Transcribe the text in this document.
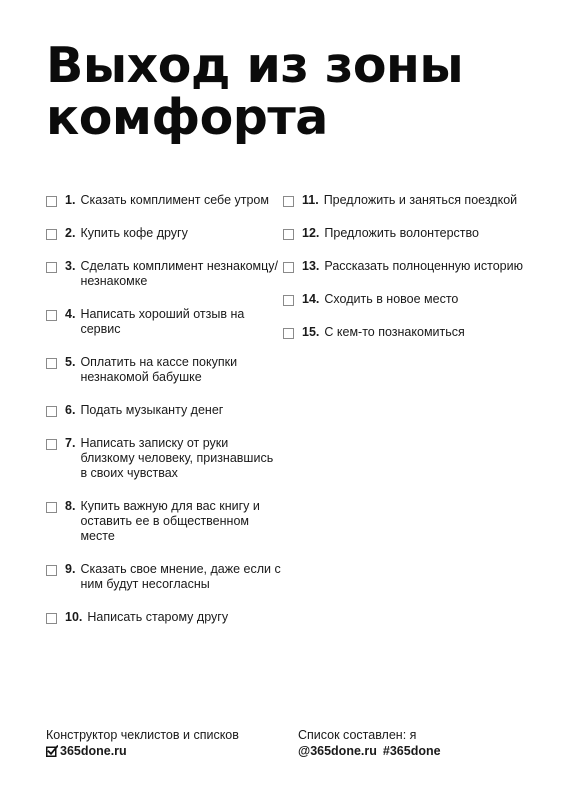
Выход из зоны
комфорта
1. Сказать комплимент себе утром
2. Купить кофе другу
3. Сделать комплимент незнакомцу/незнакомке
4. Написать хороший отзыв на сервис
5. Оплатить на кассе покупки незнакомой бабушке
6. Подать музыканту денег
7. Написать записку от руки близкому человеку, признавшись в своих чувствах
8. Купить важную для вас книгу и оставить ее в общественном месте
9. Сказать свое мнение, даже если с ним будут несогласны
10. Написать старому другу
11. Предложить и заняться поездкой
12. Предложить волонтерство
13. Рассказать полноценную историю
14. Сходить в новое место
15. С кем-то познакомиться
Конструктор чеклистов и списков
365done.ru
Список составлен: я
@365done.ru #365done
